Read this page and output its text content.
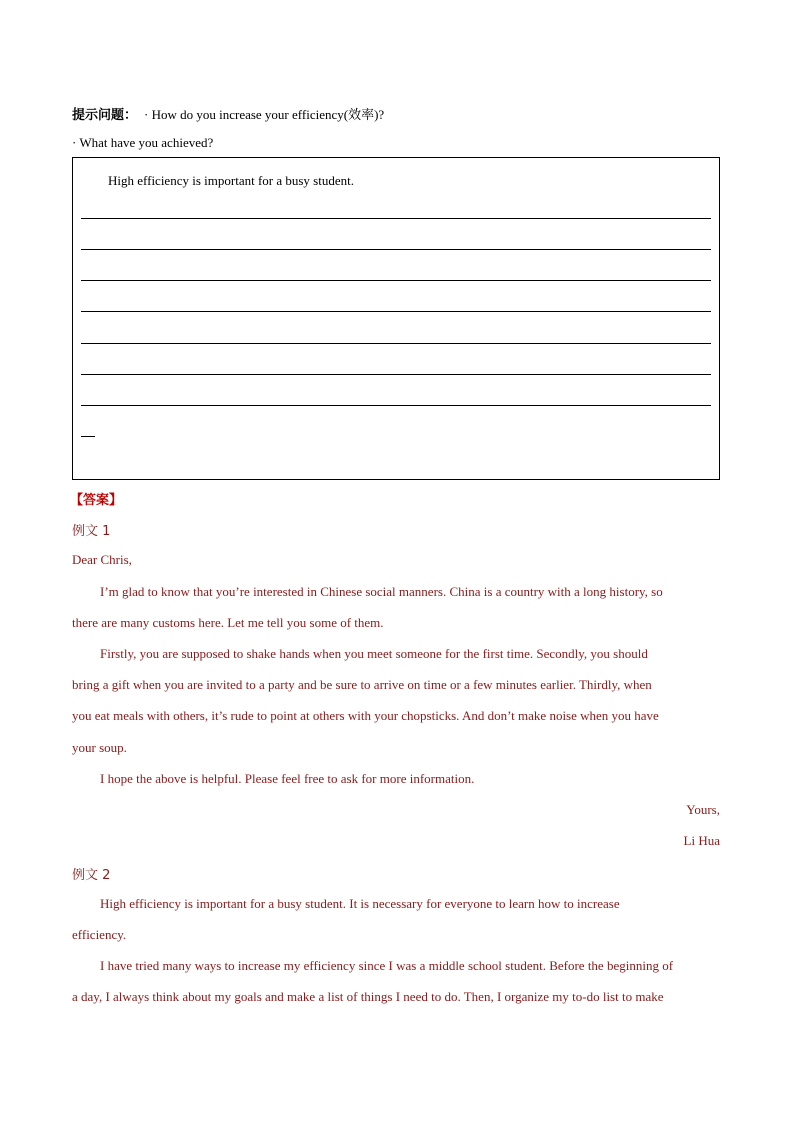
提示问题： · How do you increase your efficiency(效率)?
· What have you achieved?
High efficiency is important for a busy student.
【答案】
例文 1
Dear Chris,
I’m glad to know that you’re interested in Chinese social manners. China is a country with a long history, so
there are many customs here. Let me tell you some of them.
Firstly, you are supposed to shake hands when you meet someone for the first time. Secondly, you should
bring a gift when you are invited to a party and be sure to arrive on time or a few minutes earlier. Thirdly, when
you eat meals with others, it’s rude to point at others with your chopsticks. And don’t make noise when you have
your soup.
I hope the above is helpful. Please feel free to ask for more information.
Yours,
Li Hua
例文 2
High efficiency is important for a busy student. It is necessary for everyone to learn how to increase
efficiency.
I have tried many ways to increase my efficiency since I was a middle school student. Before the beginning of
a day, I always think about my goals and make a list of things I need to do. Then, I organize my to-do list to make
